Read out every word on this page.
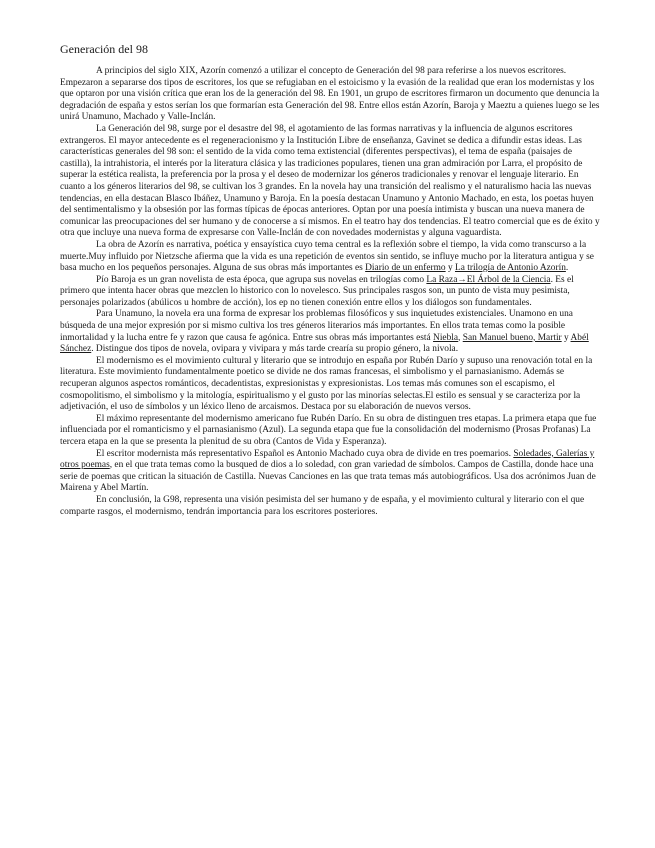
Generación del 98

A principios del siglo XIX, Azorín comenzó a utilizar el concepto de Generación del 98 para referirse a los nuevos escritores. Empezaron a separarse dos tipos de escritores, los que se refugiaban en el estoicismo y la evasión de la realidad que eran los modernistas y los que optaron por una visión crítica que eran los de la generación del 98. En 1901, un grupo de escritores firmaron un documento que denuncia la degradación de españa y estos serían los que formarían esta Generación del 98. Entre ellos están Azorín, Baroja y Maeztu a quienes luego se les unirá Unamuno, Machado y Valle-Inclán.

La Generación del 98, surge por el desastre del 98, el agotamiento de las formas narrativas y la influencia de algunos escritores extrangeros. El mayor antecedente es el regeneracionismo y la Institución Libre de enseñanza, Gavinet se dedica a difundir estas ideas. Las características generales del 98 son: el sentido de la vida como tema extistencial (diferentes perspectivas), el tema de españa (paisajes de castilla), la intrahistoria, el interés por la literatura clásica y las tradiciones populares, tienen una gran admiración por Larra, el propósito de superar la estética realista, la preferencia por la prosa y el deseo de modernizar los géneros tradicionales y renovar el lenguaje literario. En cuanto a los géneros literarios del 98, se cultivan los 3 grandes. En la novela hay una transición del realismo y el naturalismo hacia las nuevas tendencias, en ella destacan Blasco Ibáñez, Unamuno y Baroja. En la poesía destacan Unamuno y Antonio Machado, en esta, los poetas huyen del sentimentalismo y la obsesión por las formas típicas de épocas anteriores. Optan por una poesía intimista y buscan una nueva manera de comunicar las preocupaciones del ser humano y de conocerse a sí mismos. En el teatro hay dos tendencias. El teatro comercial que es de éxito y otra que incluye una nueva forma de expresarse con Valle-Inclán de con novedades modernistas y alguna vaguardista.

La obra de Azorín es narrativa, poética y ensayística cuyo tema central es la reflexión sobre el tiempo, la vida como transcurso a la muerte.Muy influido por Nietzsche afierma que la vida es una repetición de eventos sin sentido, se influye mucho por la literatura antigua y se basa mucho en los pequeños personajes. Alguna de sus obras más importantes es Diario de un enfermo y La trilogía de Antonio Azorín.

Pío Baroja es un gran novelista de esta época, que agrupa sus novelas en trilogías como La Raza→El Árbol de la Ciencia. Es el primero que intenta hacer obras que mezclen lo historico con lo novelesco. Sus principales rasgos son, un punto de vista muy pesimista, personajes polarizados (abúlicos u hombre de acción), los ep no tienen conexión entre ellos y los diálogos son fundamentales.

Para Unamuno, la novela era una forma de expresar los problemas filosóficos y sus inquietudes existenciales. Unamono en una búsqueda de una mejor expresión por si mismo cultiva los tres géneros literarios más importantes. En ellos trata temas como la posible inmortalidad y la lucha entre fe y razon que causa fe agónica. Entre sus obras más importantes está Niebla, San Manuel bueno, Martir y Abél Sánchez. Distingue dos tipos de novela, ovipara y vivipara y más tarde crearía su propio género, la nivola.

El modernismo es el movimiento cultural y literario que se introdujo en españa por Rubén Darío y supuso una renovación total en la literatura. Este movimiento fundamentalmente poetico se divide ne dos ramas francesas, el simbolismo y el parnasianismo. Además se recuperan algunos aspectos románticos, decadentistas, expresionistas y expresionistas. Los temas más comunes son el escapismo, el cosmopolitismo, el simbolismo y la mitología, espiritualismo y el gusto por las minorías selectas.El estilo es sensual y se caracteriza por la adjetivación, el uso de símbolos y un léxico lleno de arcaismos. Destaca por su elaboración de nuevos versos.

El máximo representante del modernismo americano fue Rubén Darío. En su obra de distinguen tres etapas. La primera etapa que fue influenciada por el romanticismo y el parnasianismo (Azul). La segunda etapa que fue la consolidación del modernismo (Prosas Profanas) La tercera etapa en la que se presenta la plenitud de su obra (Cantos de Vida y Esperanza).

El escritor modernista más representativo Español es Antonio Machado cuya obra de divide en tres poemarios. Soledades, Galerías y otros poemas, en el que trata temas como la busqued de dios a lo soledad, con gran variedad de símbolos. Campos de Castilla, donde hace una serie de poemas que critican la situación de Castilla. Nuevas Canciones en las que trata temas más autobiográficos. Usa dos acrónimos Juan de Mairena y Abel Martín.

En conclusión, la G98, representa una visión pesimista del ser humano y de españa, y el movimiento cultural y literario con el que comparte rasgos, el modernismo, tendrán importancia para los escritores posteriores.
